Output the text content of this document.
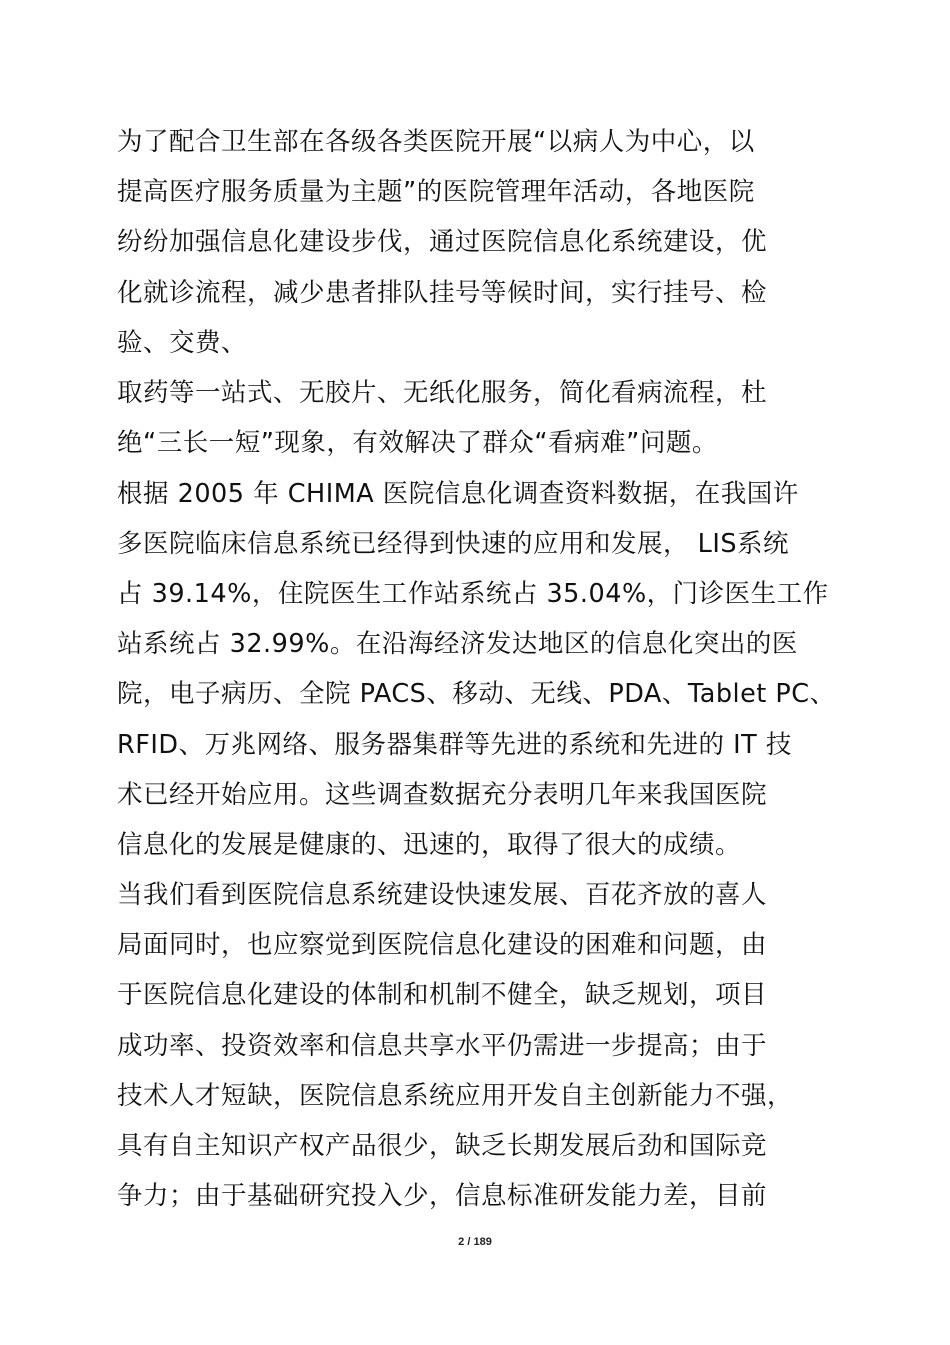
为了配合卫生部在各级各类医院开展“以病人为中心，以
提高医疗服务质量为主题”的医院管理年活动，各地医院
纷纷加强信息化建设步伐，通过医院信息化系统建设，优
化就诊流程，减少患者排队挂号等候时间，实行挂号、检
验、交费、
取药等一站式、无胶片、无纸化服务，简化看病流程，杜
绝“三长一短”现象，有效解决了群众“看病难”问题。
根据 2005 年 CHIMA 医院信息化调查资料数据，在我国许
多医院临床信息系统已经得到快速的应用和发展， LIS系统
占 39.14%，住院医生工作站系统占 35.04%，门诊医生工作
站系统占 32.99%。在沿海经济发达地区的信息化突出的医
院，电子病历、全院 PACS、移动、无线、PDA、Tablet PC、
RFID、万兆网络、服务器集群等先进的系统和先进的 IT 技
术已经开始应用。这些调查数据充分表明几年来我国医院
信息化的发展是健康的、迅速的，取得了很大的成绩。
当我们看到医院信息系统建设快速发展、百花齐放的喜人
局面同时，也应察觉到医院信息化建设的困难和问题，由
于医院信息化建设的体制和机制不健全，缺乏规划，项目
成功率、投资效率和信息共享水平仍需进一步提高；由于
技术人才短缺，医院信息系统应用开发自主创新能力不强，
具有自主知识产权产品很少，缺乏长期发展后劲和国际竞
争力；由于基础研究投入少，信息标准研发能力差，目前
2 / 189
